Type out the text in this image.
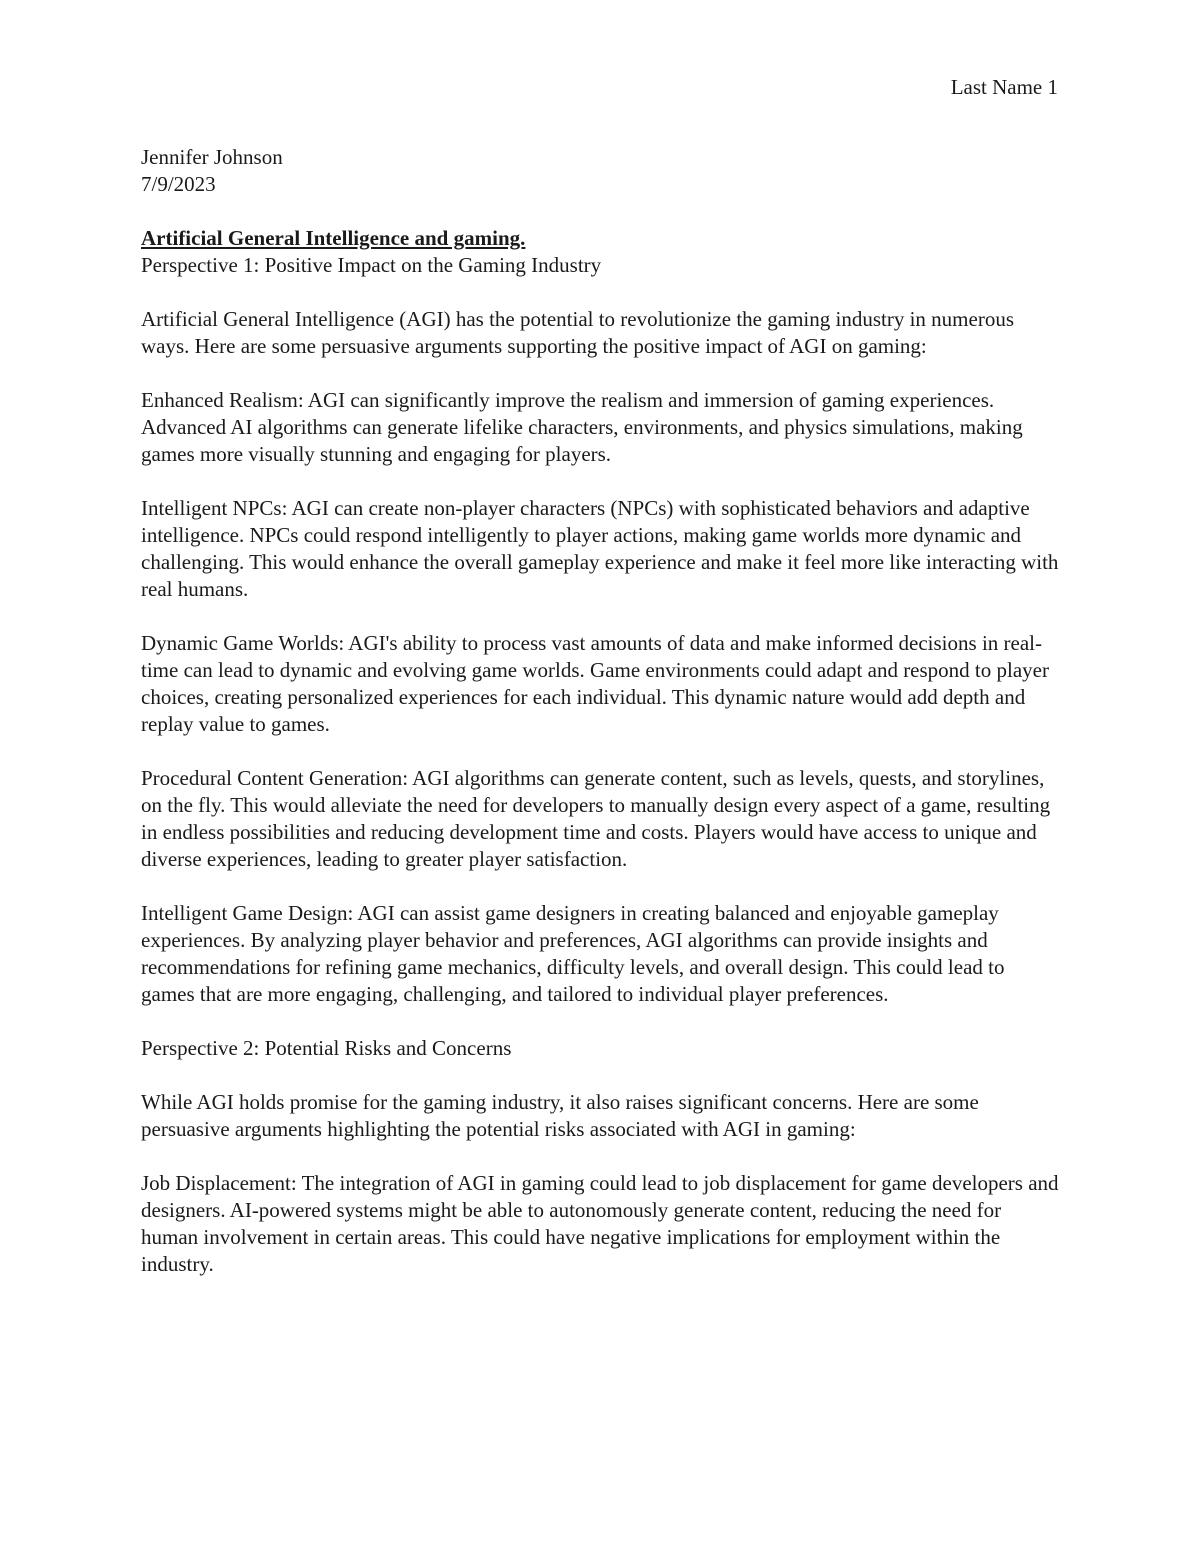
Last Name 1
Jennifer Johnson
7/9/2023
Artificial General Intelligence and gaming.
Perspective 1: Positive Impact on the Gaming Industry

Artificial General Intelligence (AGI) has the potential to revolutionize the gaming industry in numerous ways. Here are some persuasive arguments supporting the positive impact of AGI on gaming:

Enhanced Realism: AGI can significantly improve the realism and immersion of gaming experiences. Advanced AI algorithms can generate lifelike characters, environments, and physics simulations, making games more visually stunning and engaging for players.

Intelligent NPCs: AGI can create non-player characters (NPCs) with sophisticated behaviors and adaptive intelligence. NPCs could respond intelligently to player actions, making game worlds more dynamic and challenging. This would enhance the overall gameplay experience and make it feel more like interacting with real humans.

Dynamic Game Worlds: AGI's ability to process vast amounts of data and make informed decisions in real-time can lead to dynamic and evolving game worlds. Game environments could adapt and respond to player choices, creating personalized experiences for each individual. This dynamic nature would add depth and replay value to games.

Procedural Content Generation: AGI algorithms can generate content, such as levels, quests, and storylines, on the fly. This would alleviate the need for developers to manually design every aspect of a game, resulting in endless possibilities and reducing development time and costs. Players would have access to unique and diverse experiences, leading to greater player satisfaction.

Intelligent Game Design: AGI can assist game designers in creating balanced and enjoyable gameplay experiences. By analyzing player behavior and preferences, AGI algorithms can provide insights and recommendations for refining game mechanics, difficulty levels, and overall design. This could lead to games that are more engaging, challenging, and tailored to individual player preferences.

Perspective 2: Potential Risks and Concerns

While AGI holds promise for the gaming industry, it also raises significant concerns. Here are some persuasive arguments highlighting the potential risks associated with AGI in gaming:

Job Displacement: The integration of AGI in gaming could lead to job displacement for game developers and designers. AI-powered systems might be able to autonomously generate content, reducing the need for human involvement in certain areas. This could have negative implications for employment within the industry.
